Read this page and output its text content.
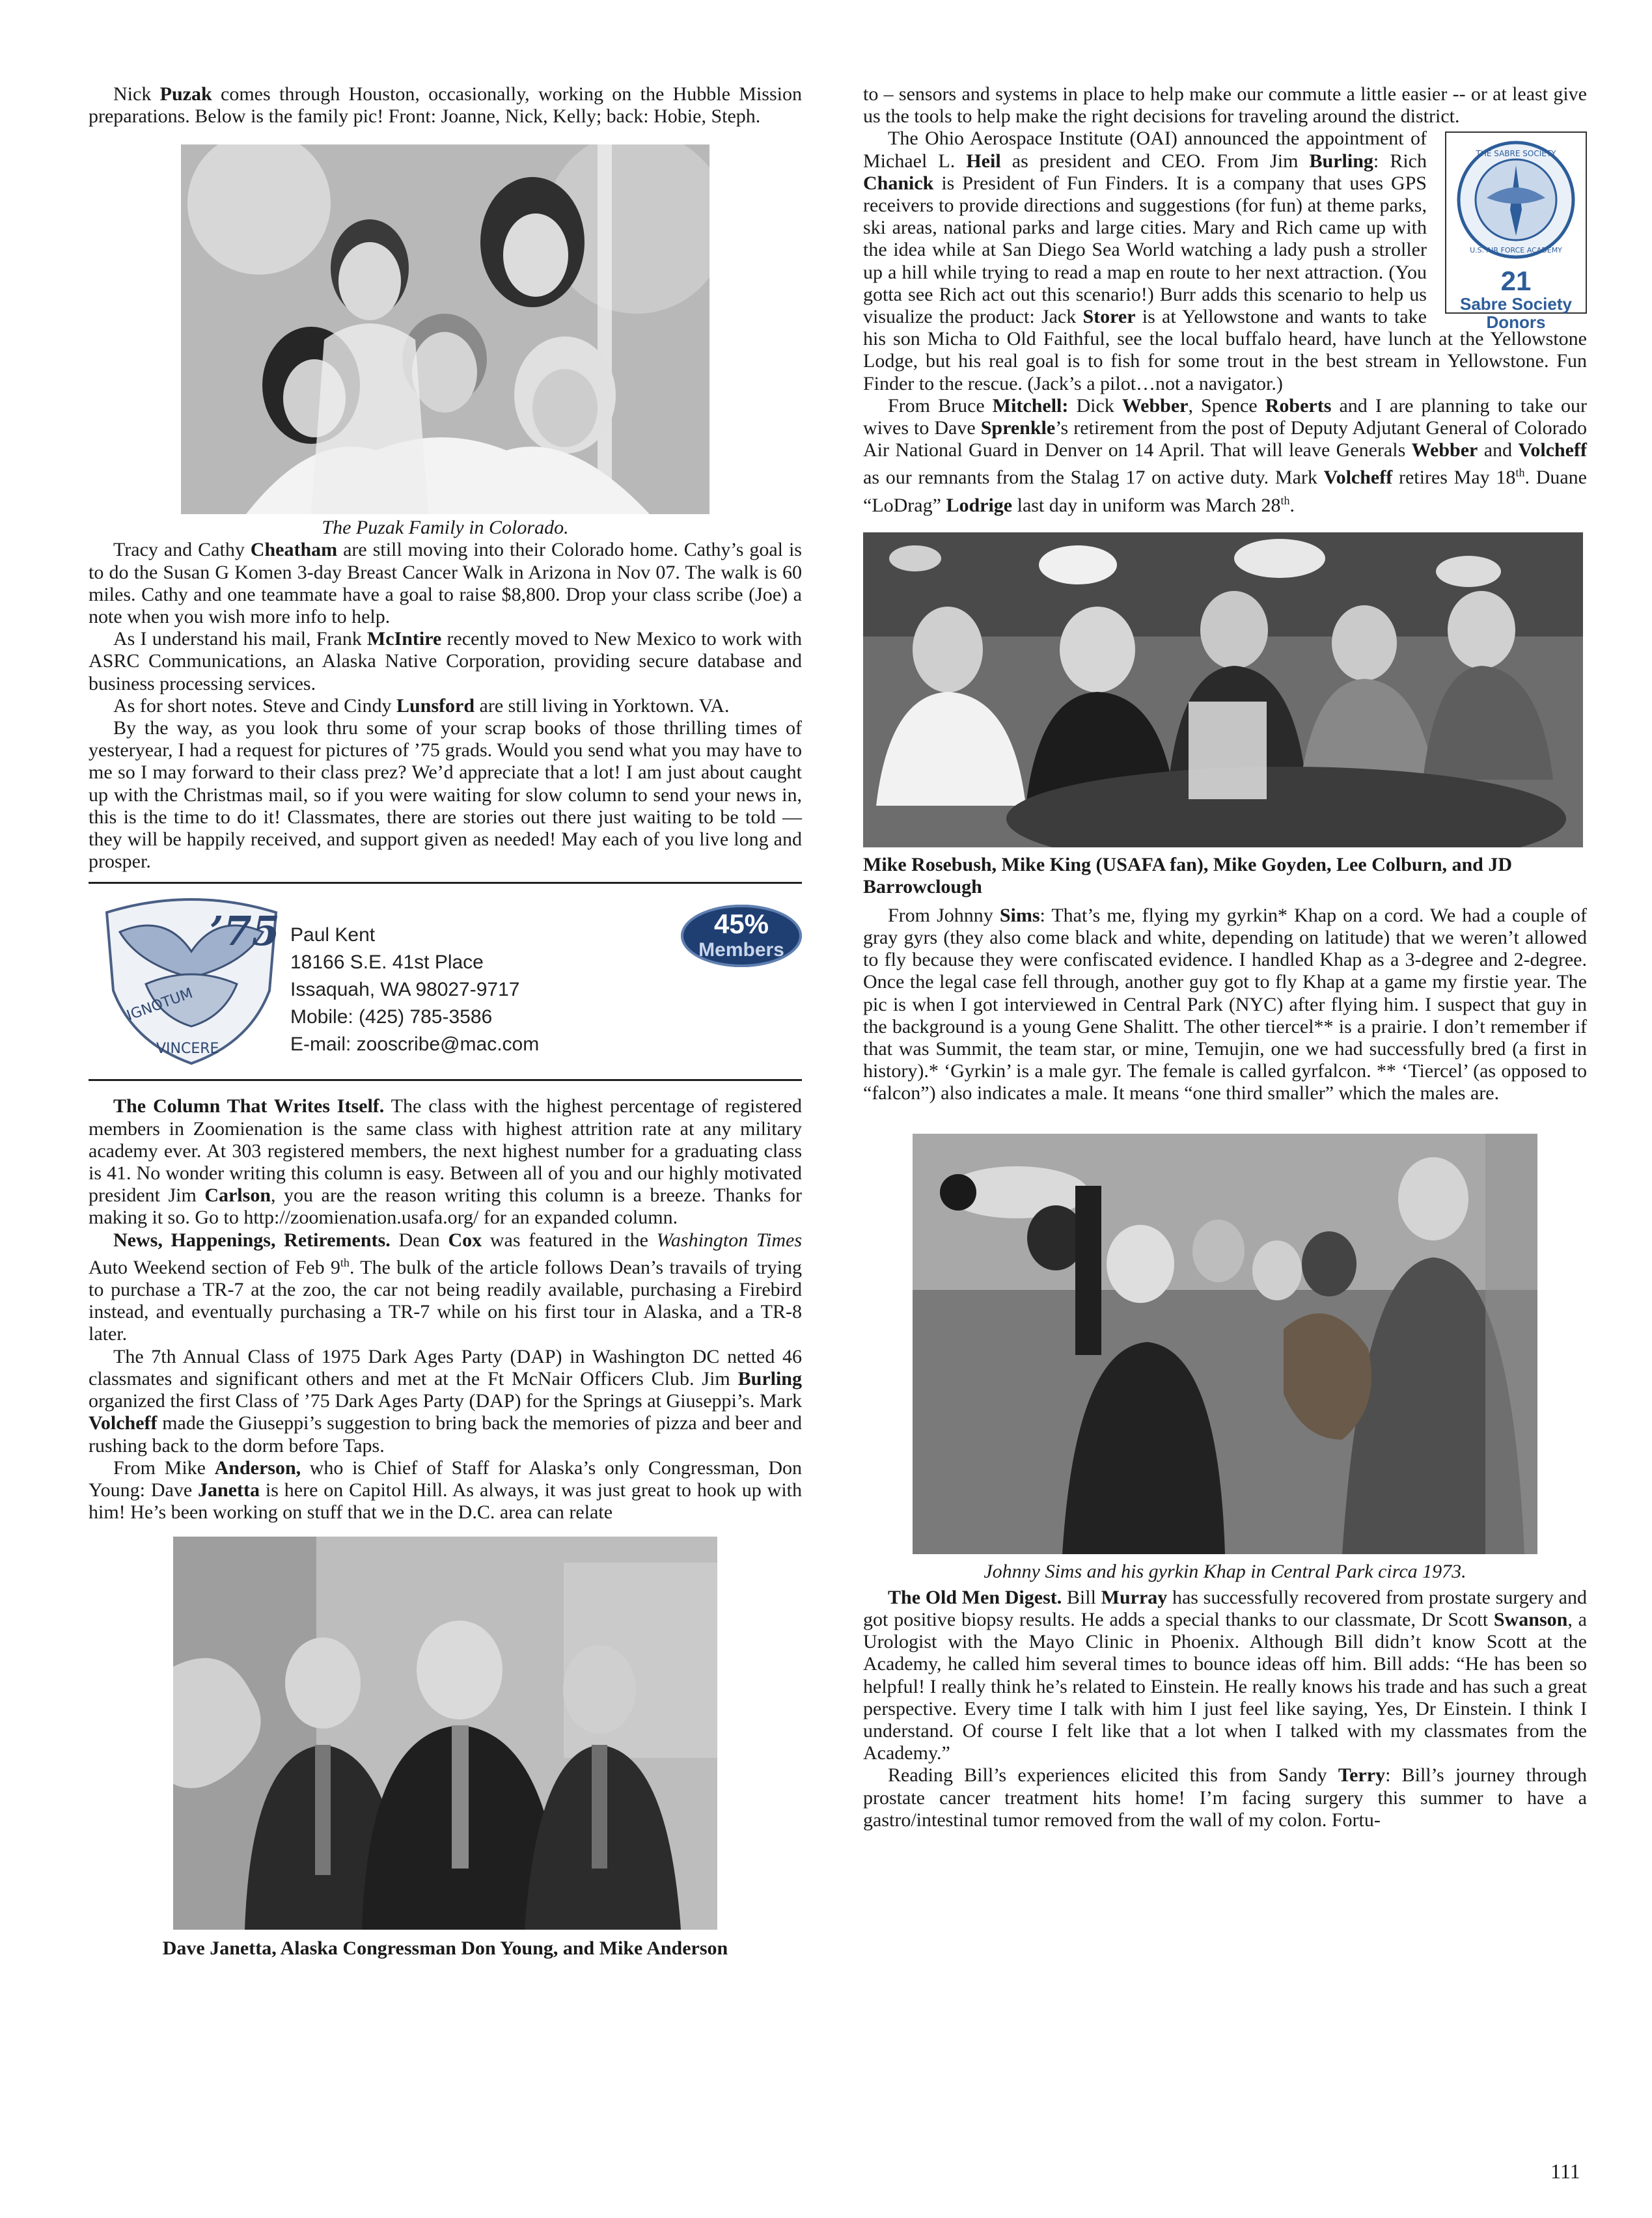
Nick Puzak comes through Houston, occasionally, working on the Hubble Mission preparations. Below is the family pic! Front: Joanne, Nick, Kelly; back: Hobie, Steph.

The Puzak Family in Colorado.

Tracy and Cathy Cheatham are still moving into their Colorado home. Cathy’s goal is to do the Susan G Komen 3-day Breast Cancer Walk in Arizona in Nov 07. The walk is 60 miles. Cathy and one teammate have a goal to raise $8,800. Drop your class scribe (Joe) a note when you wish more info to help.

As I understand his mail, Frank McIntire recently moved to New Mexico to work with ASRC Communications, an Alaska Native Corporation, providing secure database and business processing services.

As for short notes. Steve and Cindy Lunsford are still living in Yorktown. VA.

By the way, as you look thru some of your scrap books of those thrilling times of yesteryear, I had a request for pictures of ’75 grads. Would you send what you may have to me so I may forward to their class prez? We’d appreciate that a lot! I am just about caught up with the Christmas mail, so if you were waiting for slow column to send your news in, this is the time to do it! Classmates, there are stories out there just waiting to be told — they will be happily received, and support given as needed! May each of you live long and prosper.

’75
IGNOTUM
VINCERE
Paul Kent
18166 S.E. 41st Place
Issaquah, WA 98027-9717
Mobile: (425) 785-3586
E-mail: zooscribe@mac.com
45%
Members

The Column That Writes Itself. The class with the highest percentage of registered members in Zoomienation is the same class with highest attrition rate at any military academy ever. At 303 registered members, the next highest number for a graduating class is 41. No wonder writing this column is easy. Between all of you and our highly motivated president Jim Carlson, you are the reason writing this column is a breeze. Thanks for making it so. Go to http://zoomienation.usafa.org/ for an expanded column.

News, Happenings, Retirements. Dean Cox was featured in the Washington Times Auto Weekend section of Feb 9th. The bulk of the article follows Dean’s travails of trying to purchase a TR-7 at the zoo, the car not being readily available, purchasing a Firebird instead, and eventually purchasing a TR-7 while on his first tour in Alaska, and a TR-8 later.

The 7th Annual Class of 1975 Dark Ages Party (DAP) in Washington DC netted 46 classmates and significant others and met at the Ft McNair Officers Club. Jim Burling organized the first Class of ’75 Dark Ages Party (DAP) for the Springs at Giuseppi’s. Mark Volcheff made the Giuseppi’s suggestion to bring back the memories of pizza and beer and rushing back to the dorm before Taps.

From Mike Anderson, who is Chief of Staff for Alaska’s only Congressman, Don Young: Dave Janetta is here on Capitol Hill. As always, it was just great to hook up with him! He’s been working on stuff that we in the D.C. area can relate

Dave Janetta, Alaska Congressman Don Young, and Mike Anderson

to – sensors and systems in place to help make our commute a little easier -- or at least give us the tools to help make the right decisions for traveling around the district.

THE SABRE SOCIETY
U.S. AIR FORCE ACADEMY
21
Sabre Society
Donors
The Ohio Aerospace Institute (OAI) announced the appointment of Michael L. Heil as president and CEO. From Jim Burling: Rich Chanick is President of Fun Finders. It is a company that uses GPS receivers to provide directions and suggestions (for fun) at theme parks, ski areas, national parks and large cities. Mary and Rich came up with the idea while at San Diego Sea World watching a lady push a stroller up a hill while trying to read a map en route to her next attraction. (You gotta see Rich act out this scenario!) Burr adds this scenario to help us visualize the product: Jack Storer is at Yellowstone and wants to take his son Micha to Old Faithful, see the local buffalo heard, have lunch at the Yellowstone Lodge, but his real goal is to fish for some trout in the best stream in Yellowstone. Fun Finder to the rescue. (Jack’s a pilot…not a navigator.)

From Bruce Mitchell: Dick Webber, Spence Roberts and I are planning to take our wives to Dave Sprenkle’s retirement from the post of Deputy Adjutant General of Colorado Air National Guard in Denver on 14 April. That will leave Generals Webber and Volcheff as our remnants from the Stalag 17 on active duty. Mark Volcheff retires May 18th. Duane “LoDrag” Lodrige last day in uniform was March 28th.

Mike Rosebush, Mike King (USAFA fan), Mike Goyden, Lee Colburn, and JD Barrowclough

From Johnny Sims: That’s me, flying my gyrkin* Khap on a cord. We had a couple of gray gyrs (they also come black and white, depending on latitude) that we weren’t allowed to fly because they were confiscated evidence. I handled Khap as a 3-degree and 2-degree. Once the legal case fell through, another guy got to fly Khap at a game my firstie year. The pic is when I got interviewed in Central Park (NYC) after flying him. I suspect that guy in the background is a young Gene Shalitt. The other tiercel** is a prairie. I don’t remember if that was Summit, the team star, or mine, Temujin, one we had successfully bred (a first in history).* ‘Gyrkin’ is a male gyr. The female is called gyrfalcon. ** ‘Tiercel’ (as opposed to “falcon”) also indicates a male. It means “one third smaller” which the males are.

Johnny Sims and his gyrkin Khap in Central Park circa 1973.

The Old Men Digest. Bill Murray has successfully recovered from prostate surgery and got positive biopsy results. He adds a special thanks to our classmate, Dr Scott Swanson, a Urologist with the Mayo Clinic in Phoenix. Although Bill didn’t know Scott at the Academy, he called him several times to bounce ideas off him. Bill adds: “He has been so helpful! I really think he’s related to Einstein. He really knows his trade and has such a great perspective. Every time I talk with him I just feel like saying, Yes, Dr Einstein. I think I understand. Of course I felt like that a lot when I talked with my classmates from the Academy.”

Reading Bill’s experiences elicited this from Sandy Terry: Bill’s journey through prostate cancer treatment hits home! I’m facing surgery this summer to have a gastro/intestinal tumor removed from the wall of my colon. Fortu-

111
